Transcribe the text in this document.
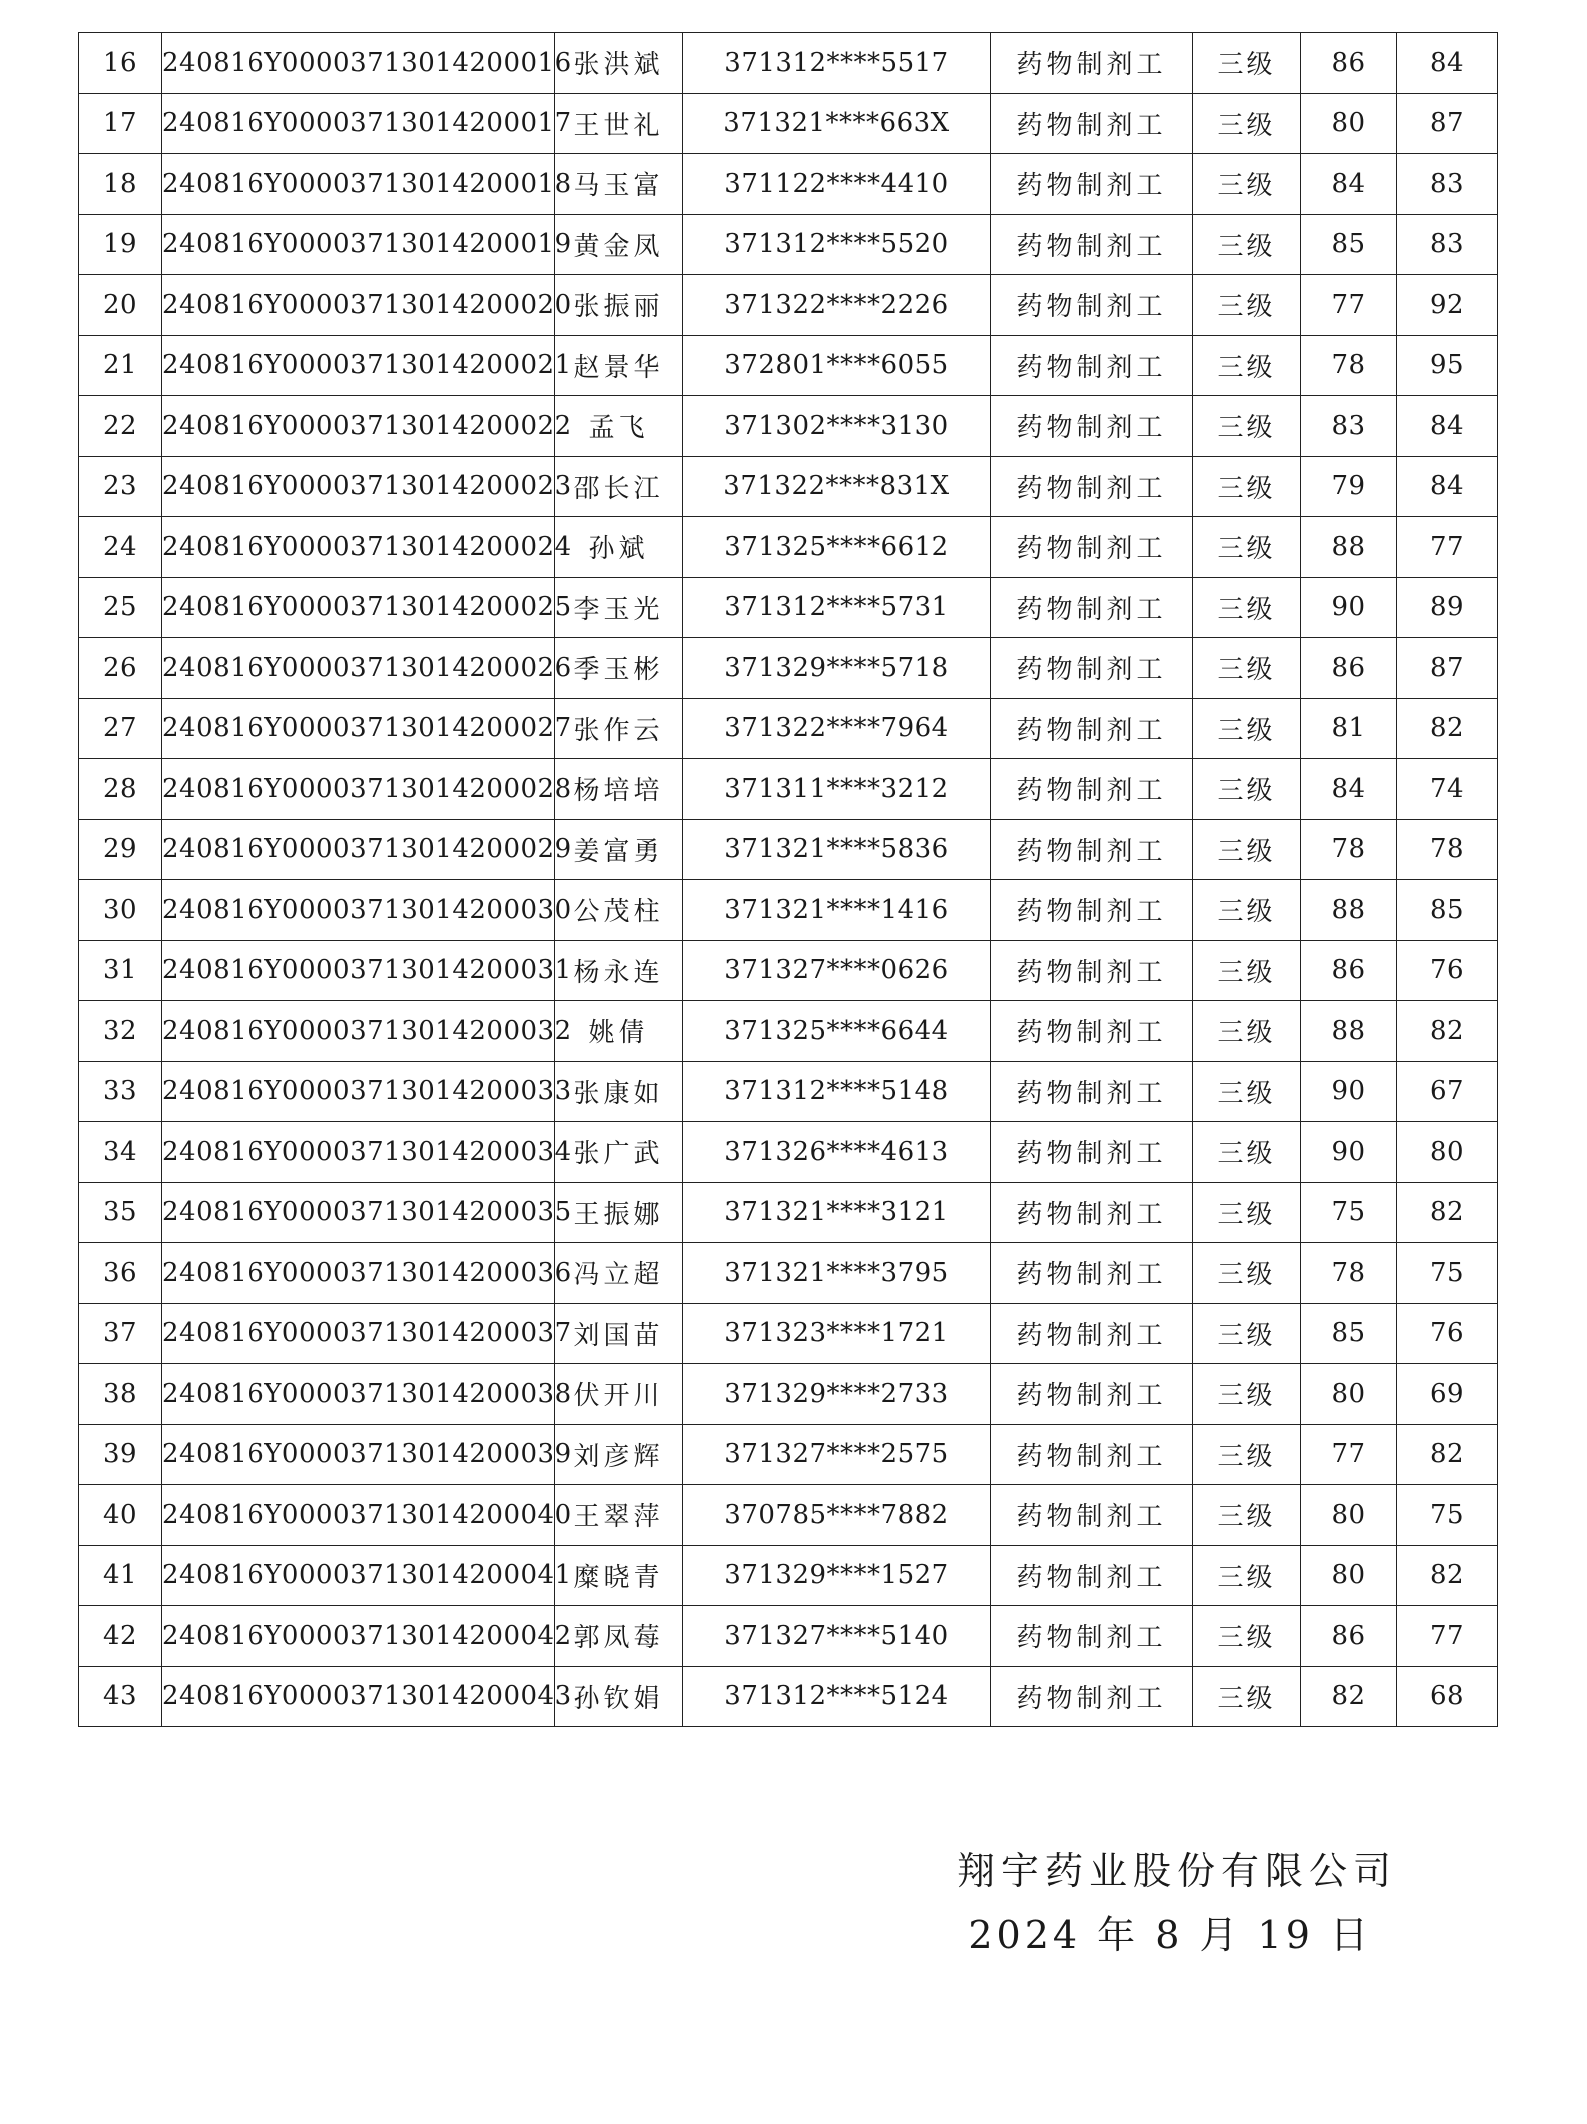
16	240816Y00003713014200016	张洪斌	371312****5517	药物制剂工	三级	86	84
17	240816Y00003713014200017	王世礼	371321****663X	药物制剂工	三级	80	87
18	240816Y00003713014200018	马玉富	371122****4410	药物制剂工	三级	84	83
19	240816Y00003713014200019	黄金凤	371312****5520	药物制剂工	三级	85	83
20	240816Y00003713014200020	张振丽	371322****2226	药物制剂工	三级	77	92
21	240816Y00003713014200021	赵景华	372801****6055	药物制剂工	三级	78	95
22	240816Y00003713014200022	孟飞	371302****3130	药物制剂工	三级	83	84
23	240816Y00003713014200023	邵长江	371322****831X	药物制剂工	三级	79	84
24	240816Y00003713014200024	孙斌	371325****6612	药物制剂工	三级	88	77
25	240816Y00003713014200025	李玉光	371312****5731	药物制剂工	三级	90	89
26	240816Y00003713014200026	季玉彬	371329****5718	药物制剂工	三级	86	87
27	240816Y00003713014200027	张作云	371322****7964	药物制剂工	三级	81	82
28	240816Y00003713014200028	杨培培	371311****3212	药物制剂工	三级	84	74
29	240816Y00003713014200029	姜富勇	371321****5836	药物制剂工	三级	78	78
30	240816Y00003713014200030	公茂柱	371321****1416	药物制剂工	三级	88	85
31	240816Y00003713014200031	杨永连	371327****0626	药物制剂工	三级	86	76
32	240816Y00003713014200032	姚倩	371325****6644	药物制剂工	三级	88	82
33	240816Y00003713014200033	张康如	371312****5148	药物制剂工	三级	90	67
34	240816Y00003713014200034	张广武	371326****4613	药物制剂工	三级	90	80
35	240816Y00003713014200035	王振娜	371321****3121	药物制剂工	三级	75	82
36	240816Y00003713014200036	冯立超	371321****3795	药物制剂工	三级	78	75
37	240816Y00003713014200037	刘国苗	371323****1721	药物制剂工	三级	85	76
38	240816Y00003713014200038	伏开川	371329****2733	药物制剂工	三级	80	69
39	240816Y00003713014200039	刘彦辉	371327****2575	药物制剂工	三级	77	82
40	240816Y00003713014200040	王翠萍	370785****7882	药物制剂工	三级	80	75
41	240816Y00003713014200041	糜晓青	371329****1527	药物制剂工	三级	80	82
42	240816Y00003713014200042	郭凤莓	371327****5140	药物制剂工	三级	86	77
43	240816Y00003713014200043	孙钦娟	371312****5124	药物制剂工	三级	82	68
翔宇药业股份有限公司
2024 年 8 月 19 日
